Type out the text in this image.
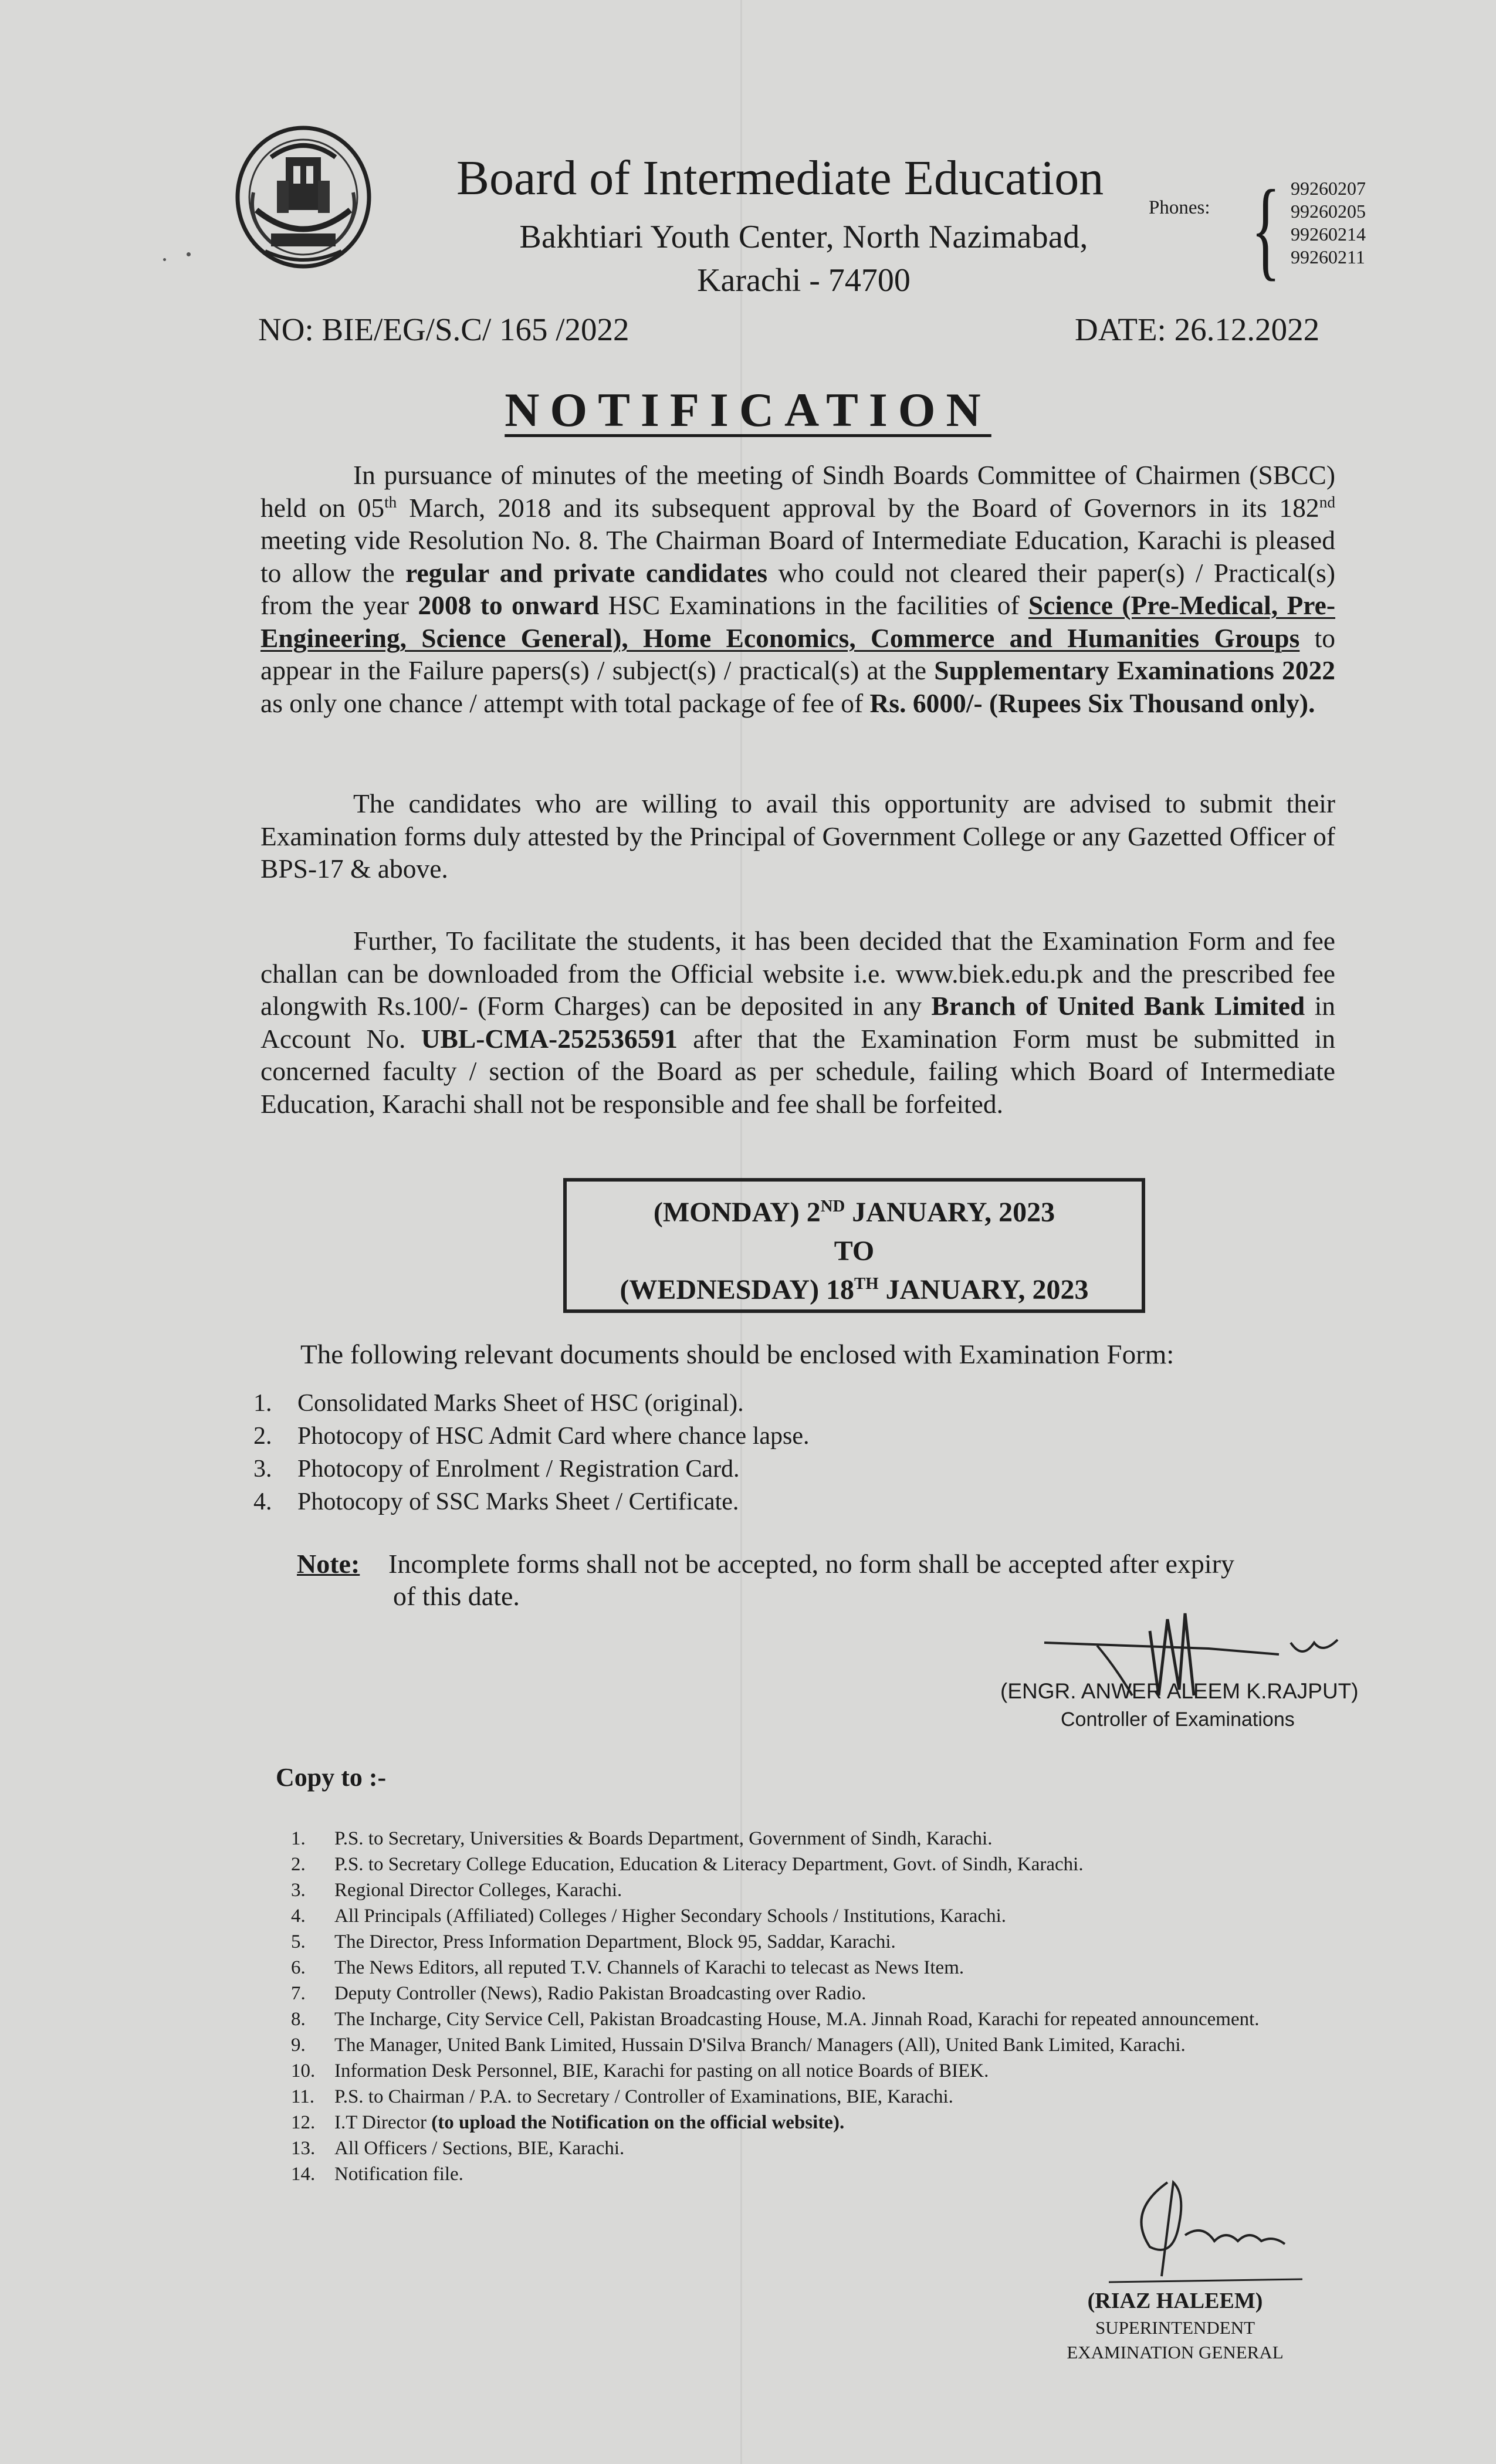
Board of Intermediate Education
Bakhtiari Youth Center, North Nazimabad,
Karachi - 74700
Phones: { 99260207
99260205
99260214
99260211
NO: BIE/EG/S.C/ 165 /2022	DATE: 26.12.2022
NOTIFICATION
In pursuance of minutes of the meeting of Sindh Boards Committee of Chairmen (SBCC) held on 05th March, 2018 and its subsequent approval by the Board of Governors in its 182nd meeting vide Resolution No. 8. The Chairman Board of Intermediate Education, Karachi is pleased to allow the regular and private candidates who could not cleared their paper(s) / Practical(s) from the year 2008 to onward HSC Examinations in the facilities of Science (Pre-Medical, Pre-Engineering, Science General), Home Economics, Commerce and Humanities Groups to appear in the Failure papers(s) / subject(s) / practical(s) at the Supplementary Examinations 2022 as only one chance / attempt with total package of fee of Rs. 6000/- (Rupees Six Thousand only).
The candidates who are willing to avail this opportunity are advised to submit their Examination forms duly attested by the Principal of Government College or any Gazetted Officer of BPS-17 & above.
Further, To facilitate the students, it has been decided that the Examination Form and fee challan can be downloaded from the Official website i.e. www.biek.edu.pk and the prescribed fee alongwith Rs.100/- (Form Charges) can be deposited in any Branch of United Bank Limited in Account No. UBL-CMA-252536591 after that the Examination Form must be submitted in concerned faculty / section of the Board as per schedule, failing which Board of Intermediate Education, Karachi shall not be responsible and fee shall be forfeited.
(MONDAY) 2ND JANUARY, 2023
TO
(WEDNESDAY) 18TH JANUARY, 2023
The following relevant documents should be enclosed with Examination Form:
1. Consolidated Marks Sheet of HSC (original).
2. Photocopy of HSC Admit Card where chance lapse.
3. Photocopy of Enrolment / Registration Card.
4. Photocopy of SSC Marks Sheet / Certificate.
Note: Incomplete forms shall not be accepted, no form shall be accepted after expiry
of this date.
(ENGR. ANWER ALEEM K.RAJPUT)
Controller of Examinations
Copy to :-
1. P.S. to Secretary, Universities & Boards Department, Government of Sindh, Karachi.
2. P.S. to Secretary College Education, Education & Literacy Department, Govt. of Sindh, Karachi.
3. Regional Director Colleges, Karachi.
4. All Principals (Affiliated) Colleges / Higher Secondary Schools / Institutions, Karachi.
5. The Director, Press Information Department, Block 95, Saddar, Karachi.
6. The News Editors, all reputed T.V. Channels of Karachi to telecast as News Item.
7. Deputy Controller (News), Radio Pakistan Broadcasting over Radio.
8. The Incharge, City Service Cell, Pakistan Broadcasting House, M.A. Jinnah Road, Karachi for repeated announcement.
9. The Manager, United Bank Limited, Hussain D'Silva Branch/ Managers (All), United Bank Limited, Karachi.
10. Information Desk Personnel, BIE, Karachi for pasting on all notice Boards of BIEK.
11. P.S. to Chairman / P.A. to Secretary / Controller of Examinations, BIE, Karachi.
12. I.T Director (to upload the Notification on the official website).
13. All Officers / Sections, BIE, Karachi.
14. Notification file.
(RIAZ HALEEM)
SUPERINTENDENT
EXAMINATION GENERAL
